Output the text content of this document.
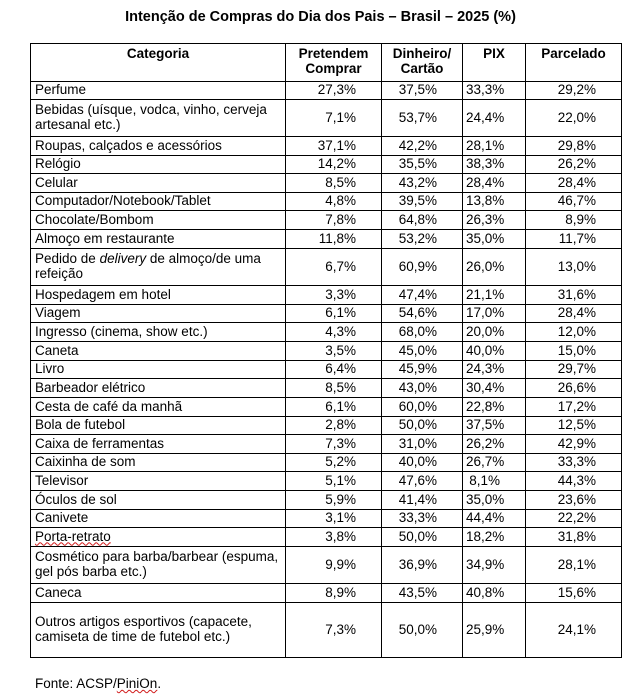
Intenção de Compras do Dia dos Pais – Brasil – 2025 (%)
Categoria	Pretendem Comprar	Dinheiro/ Cartão	PIX	Parcelado
Perfume	27,3%	37,5%	33,3%	29,2%
Bebidas (uísque, vodca, vinho, cerveja artesanal etc.)	7,1%	53,7%	24,4%	22,0%
Roupas, calçados e acessórios	37,1%	42,2%	28,1%	29,8%
Relógio	14,2%	35,5%	38,3%	26,2%
Celular	8,5%	43,2%	28,4%	28,4%
Computador/Notebook/Tablet	4,8%	39,5%	13,8%	46,7%
Chocolate/Bombom	7,8%	64,8%	26,3%	8,9%
Almoço em restaurante	11,8%	53,2%	35,0%	11,7%
Pedido de delivery de almoço/de uma refeição	6,7%	60,9%	26,0%	13,0%
Hospedagem em hotel	3,3%	47,4%	21,1%	31,6%
Viagem	6,1%	54,6%	17,0%	28,4%
Ingresso (cinema, show etc.)	4,3%	68,0%	20,0%	12,0%
Caneta	3,5%	45,0%	40,0%	15,0%
Livro	6,4%	45,9%	24,3%	29,7%
Barbeador elétrico	8,5%	43,0%	30,4%	26,6%
Cesta de café da manhã	6,1%	60,0%	22,8%	17,2%
Bola de futebol	2,8%	50,0%	37,5%	12,5%
Caixa de ferramentas	7,3%	31,0%	26,2%	42,9%
Caixinha de som	5,2%	40,0%	26,7%	33,3%
Televisor	5,1%	47,6%	8,1%	44,3%
Óculos de sol	5,9%	41,4%	35,0%	23,6%
Canivete	3,1%	33,3%	44,4%	22,2%
Porta-retrato	3,8%	50,0%	18,2%	31,8%
Cosmético para barba/barbear (espuma, gel pós barba etc.)	9,9%	36,9%	34,9%	28,1%
Caneca	8,9%	43,5%	40,8%	15,6%
Outros artigos esportivos (capacete, camiseta de time de futebol etc.)	7,3%	50,0%	25,9%	24,1%
Fonte: ACSP/PiniOn.
